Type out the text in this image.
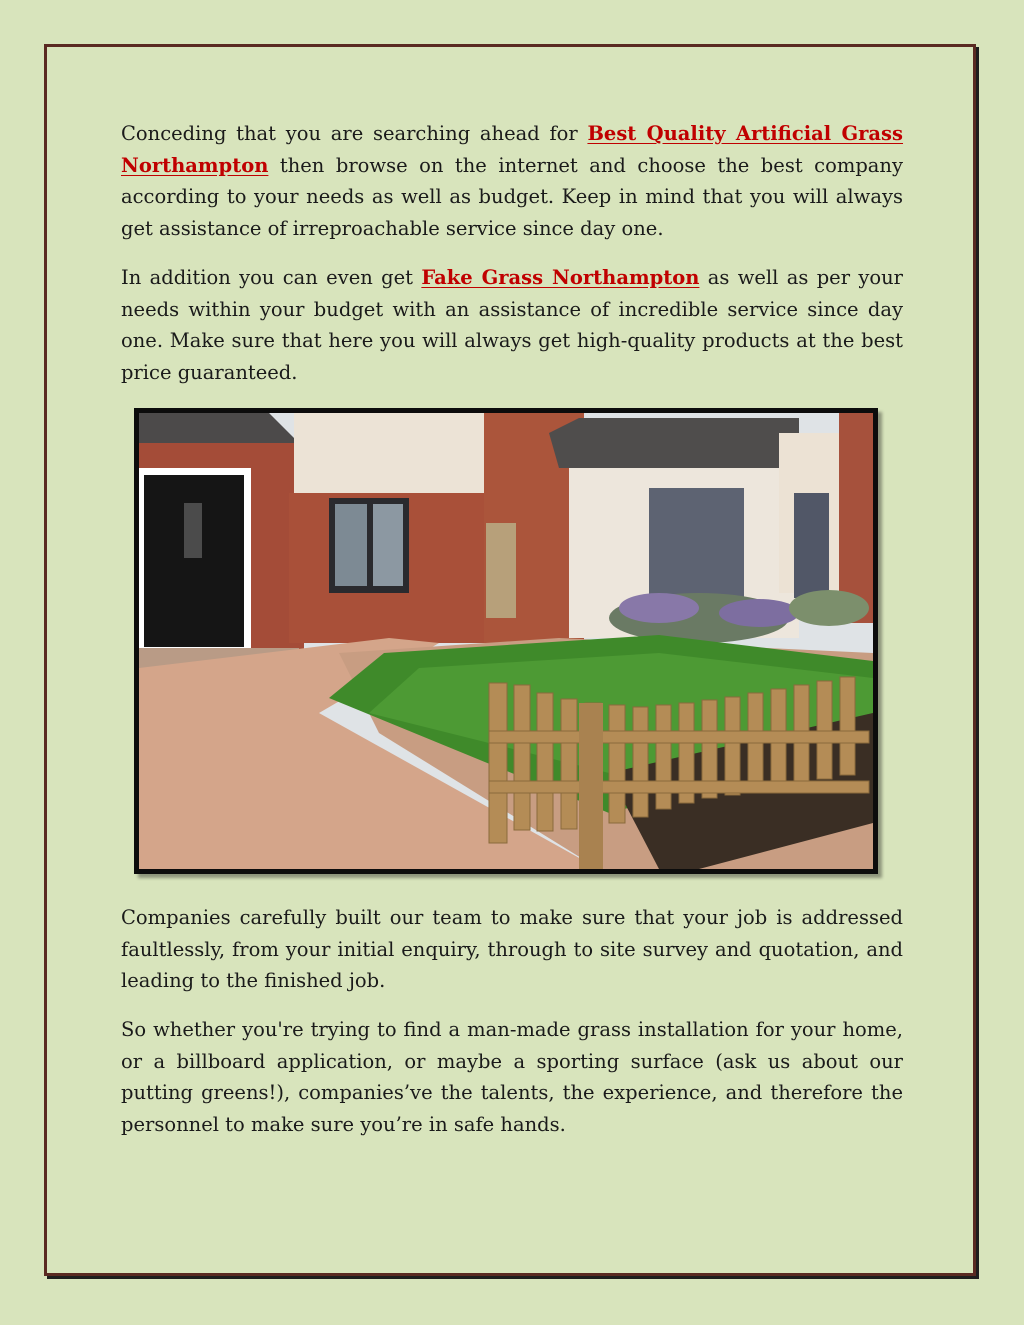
Conceding that you are searching ahead for Best Quality Artificial Grass Northampton then browse on the internet and choose the best company according to your needs as well as budget. Keep in mind that you will always get assistance of irreproachable service since day one.

In addition you can even get Fake Grass Northampton as well as per your needs within your budget with an assistance of incredible service since day one. Make sure that here you will always get high-quality products at the best price guaranteed.

Companies carefully built our team to make sure that your job is addressed faultlessly, from your initial enquiry, through to site survey and quotation, and leading to the finished job.

So whether you're trying to find a man-made grass installation for your home, or a billboard application, or maybe a sporting surface (ask us about our putting greens!), companies’ve the talents, the experience, and therefore the personnel to make sure you’re in safe hands.
